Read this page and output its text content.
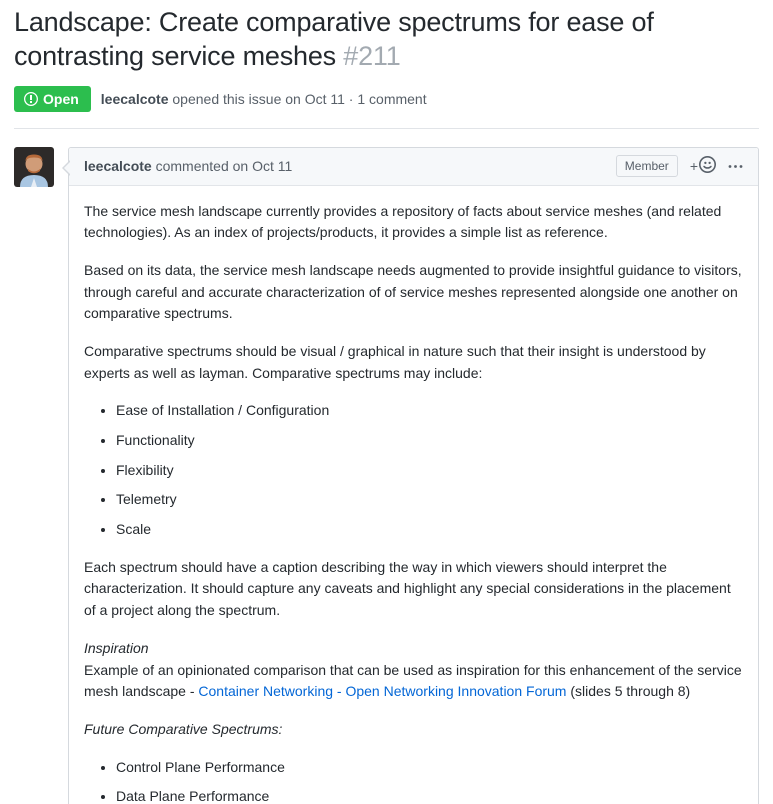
Landscape: Create comparative spectrums for ease of contrasting service meshes #211
Open leecalcote opened this issue on Oct 11 · 1 comment
leecalcote commented on Oct 11	Member	+

The service mesh landscape currently provides a repository of facts about service meshes (and related technologies). As an index of projects/products, it provides a simple list as reference.

Based on its data, the service mesh landscape needs augmented to provide insightful guidance to visitors, through careful and accurate characterization of of service meshes represented alongside one another on comparative spectrums.

Comparative spectrums should be visual / graphical in nature such that their insight is understood by experts as well as layman. Comparative spectrums may include:

• Ease of Installation / Configuration
• Functionality
• Flexibility
• Telemetry
• Scale

Each spectrum should have a caption describing the way in which viewers should interpret the characterization. It should capture any caveats and highlight any special considerations in the placement of a project along the spectrum.

Inspiration
Example of an opinionated comparison that can be used as inspiration for this enhancement of the service mesh landscape - Container Networking - Open Networking Innovation Forum (slides 5 through 8)

Future Comparative Spectrums:

• Control Plane Performance
• Data Plane Performance
